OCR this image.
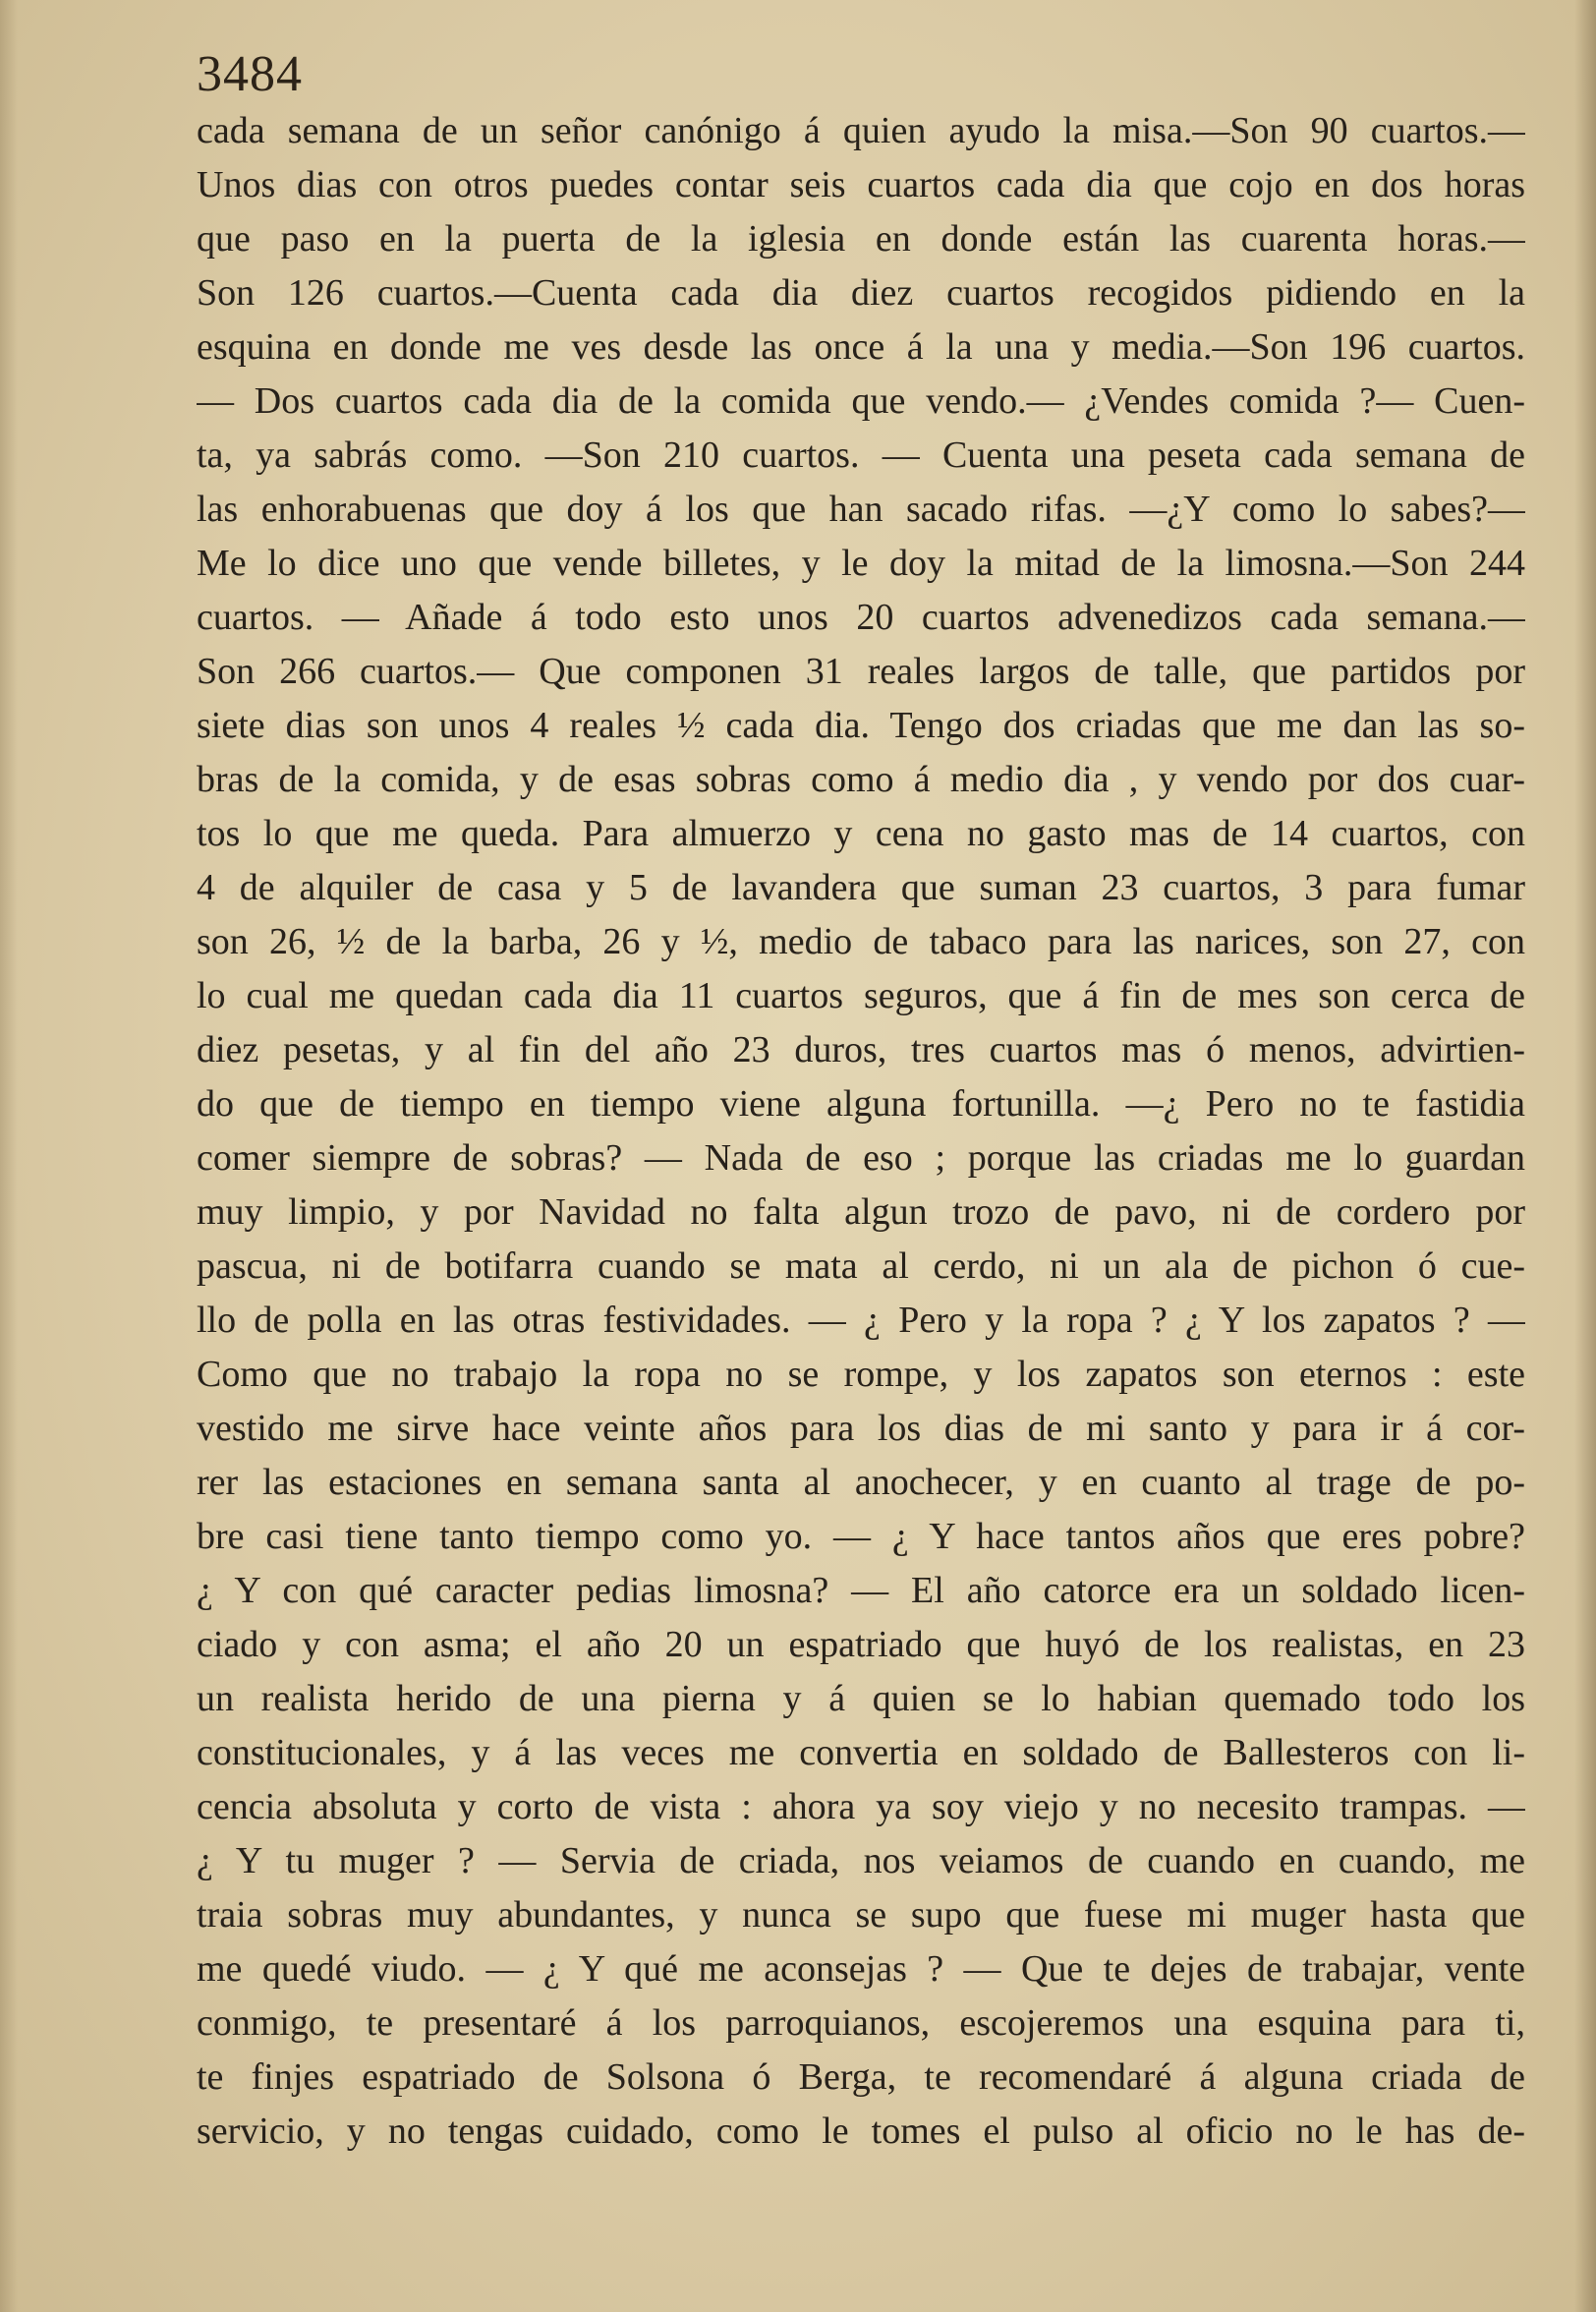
3484
cada semana de un señor canónigo á quien ayudo la misa.—Son 90 cuartos.—
Unos dias con otros puedes contar seis cuartos cada dia que cojo en dos horas
que paso en la puerta de la iglesia en donde están las cuarenta horas.—
Son 126 cuartos.—Cuenta cada dia diez cuartos recogidos pidiendo en la
esquina en donde me ves desde las once á la una y media.—Son 196 cuartos.
— Dos cuartos cada dia de la comida que vendo.— ¿Vendes comida ?— Cuen-
ta, ya sabrás como. —Son 210 cuartos. — Cuenta una peseta cada semana de
las enhorabuenas que doy á los que han sacado rifas. —¿Y como lo sabes?—
Me lo dice uno que vende billetes, y le doy la mitad de la limosna.—Son 244
cuartos. — Añade á todo esto unos 20 cuartos advenedizos cada semana.—
Son 266 cuartos.— Que componen 31 reales largos de talle, que partidos por
siete dias son unos 4 reales ½ cada dia. Tengo dos criadas que me dan las so-
bras de la comida, y de esas sobras como á medio dia , y vendo por dos cuar-
tos lo que me queda. Para almuerzo y cena no gasto mas de 14 cuartos, con
4 de alquiler de casa y 5 de lavandera que suman 23 cuartos, 3 para fumar
son 26, ½ de la barba, 26 y ½, medio de tabaco para las narices, son 27, con
lo cual me quedan cada dia 11 cuartos seguros, que á fin de mes son cerca de
diez pesetas, y al fin del año 23 duros, tres cuartos mas ó menos, advirtien-
do que de tiempo en tiempo viene alguna fortunilla. —¿ Pero no te fastidia
comer siempre de sobras? — Nada de eso ; porque las criadas me lo guardan
muy limpio, y por Navidad no falta algun trozo de pavo, ni de cordero por
pascua, ni de botifarra cuando se mata al cerdo, ni un ala de pichon ó cue-
llo de polla en las otras festividades. — ¿ Pero y la ropa ? ¿ Y los zapatos ? —
Como que no trabajo la ropa no se rompe, y los zapatos son eternos : este
vestido me sirve hace veinte años para los dias de mi santo y para ir á cor-
rer las estaciones en semana santa al anochecer, y en cuanto al trage de po-
bre casi tiene tanto tiempo como yo. — ¿ Y hace tantos años que eres pobre?
¿ Y con qué caracter pedias limosna? — El año catorce era un soldado licen-
ciado y con asma; el año 20 un espatriado que huyó de los realistas, en 23
un realista herido de una pierna y á quien se lo habian quemado todo los
constitucionales, y á las veces me convertia en soldado de Ballesteros con li-
cencia absoluta y corto de vista : ahora ya soy viejo y no necesito trampas. —
¿ Y tu muger ? — Servia de criada, nos veiamos de cuando en cuando, me
traia sobras muy abundantes, y nunca se supo que fuese mi muger hasta que
me quedé viudo. — ¿ Y qué me aconsejas ? — Que te dejes de trabajar, vente
conmigo, te presentaré á los parroquianos, escojeremos una esquina para ti,
te finjes espatriado de Solsona ó Berga, te recomendaré á alguna criada de
servicio, y no tengas cuidado, como le tomes el pulso al oficio no le has de-
